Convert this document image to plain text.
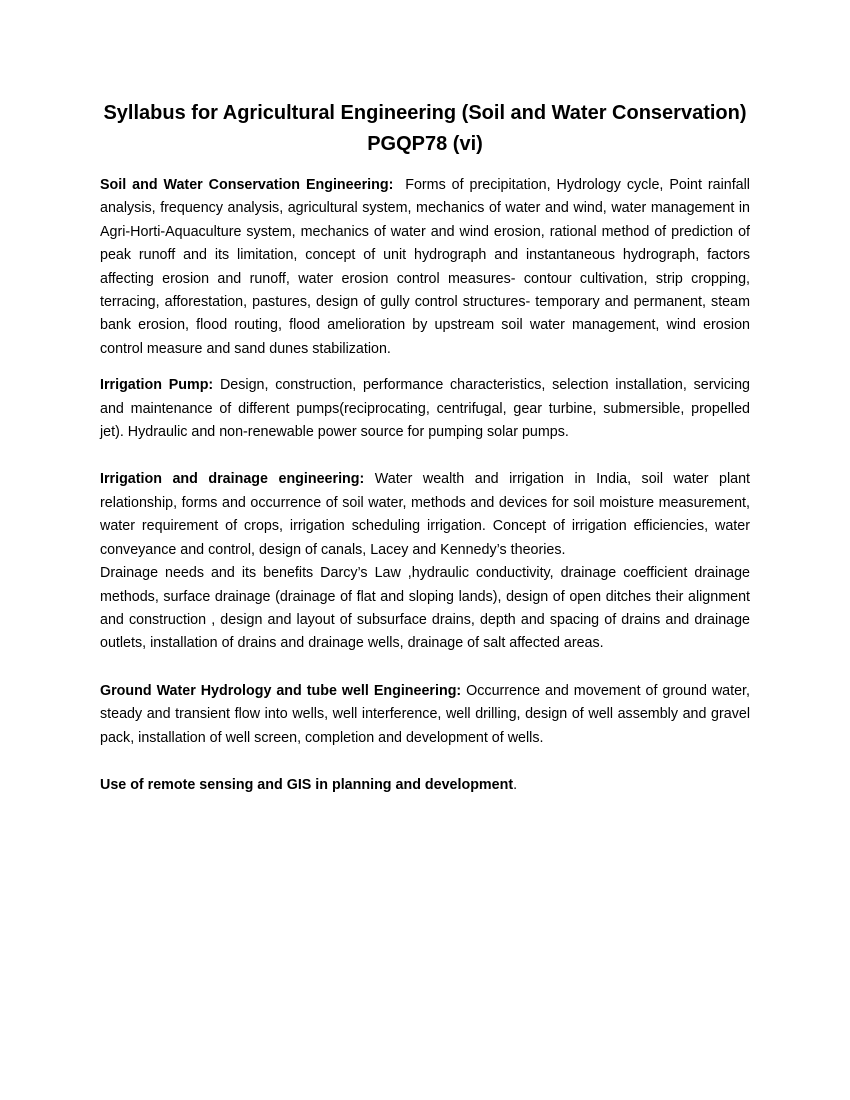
Syllabus for Agricultural Engineering (Soil and Water Conservation)
PGQP78 (vi)

Soil and Water Conservation Engineering: Forms of precipitation, Hydrology cycle, Point rainfall analysis, frequency analysis, agricultural system, mechanics of water and wind, water management in Agri-Horti-Aquaculture system, mechanics of water and wind erosion, rational method of prediction of peak runoff and its limitation, concept of unit hydrograph and instantaneous hydrograph, factors affecting erosion and runoff, water erosion control measures- contour cultivation, strip cropping, terracing, afforestation, pastures, design of gully control structures- temporary and permanent, steam bank erosion, flood routing, flood amelioration by upstream soil water management, wind erosion control measure and sand dunes stabilization.

Irrigation Pump: Design, construction, performance characteristics, selection installation, servicing and maintenance of different pumps(reciprocating, centrifugal, gear turbine, submersible, propelled jet). Hydraulic and non-renewable power source for pumping solar pumps.

Irrigation and drainage engineering: Water wealth and irrigation in India, soil water plant relationship, forms and occurrence of soil water, methods and devices for soil moisture measurement, water requirement of crops, irrigation scheduling irrigation. Concept of irrigation efficiencies, water conveyance and control, design of canals, Lacey and Kennedy’s theories.

Drainage needs and its benefits Darcy’s Law ,hydraulic conductivity, drainage coefficient drainage methods, surface drainage (drainage of flat and sloping lands), design of open ditches their alignment and construction , design and layout of subsurface drains, depth and spacing of drains and drainage outlets, installation of drains and drainage wells, drainage of salt affected areas.

Ground Water Hydrology and tube well Engineering: Occurrence and movement of ground water, steady and transient flow into wells, well interference, well drilling, design of well assembly and gravel pack, installation of well screen, completion and development of wells.

Use of remote sensing and GIS in planning and development.
